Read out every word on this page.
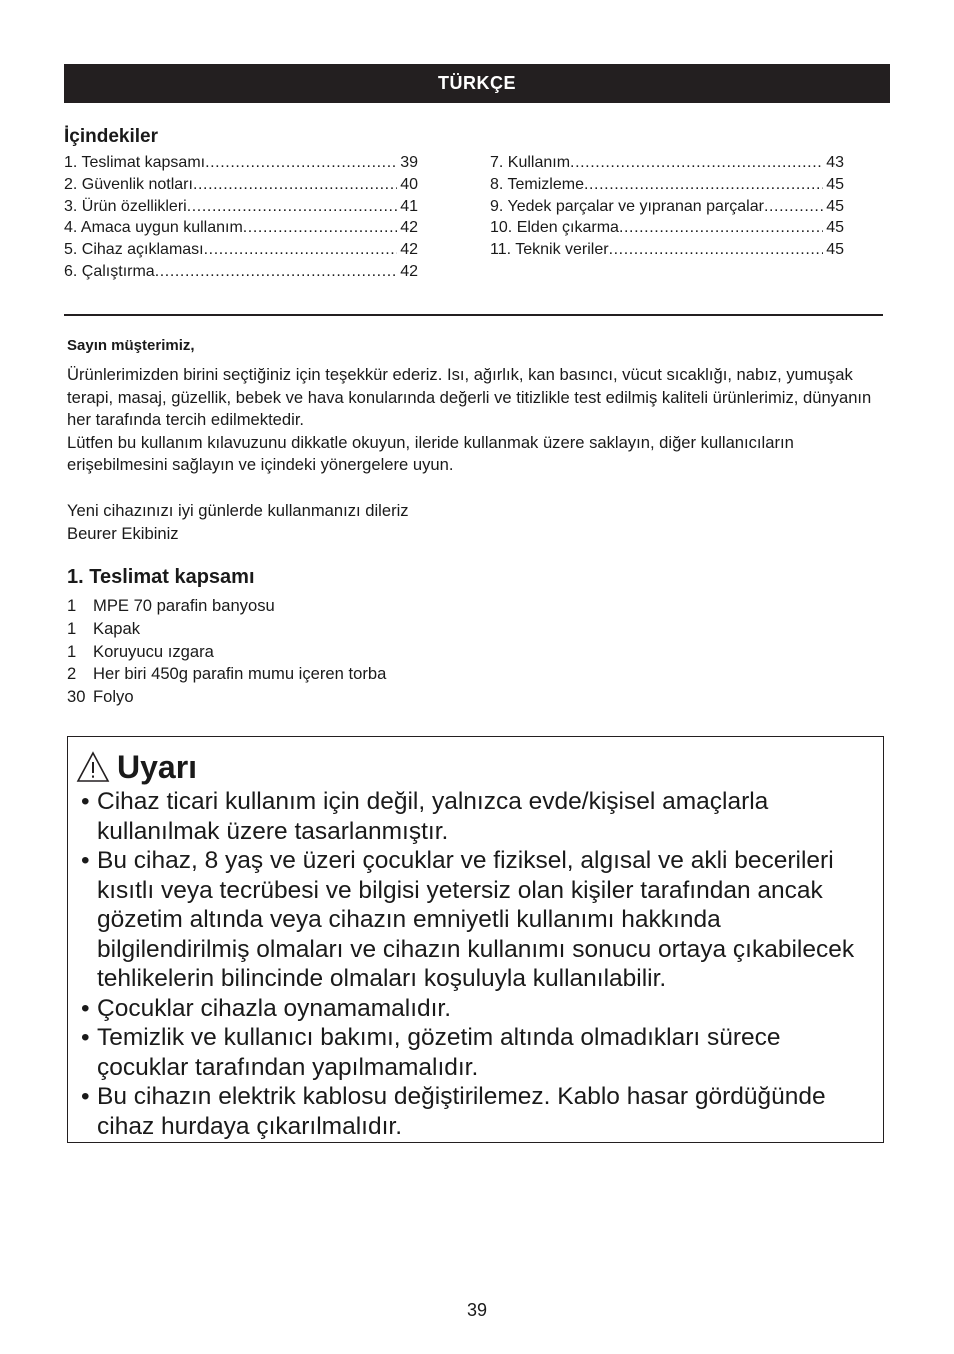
TÜRKÇE
İçindekiler
1. Teslimat kapsamı .....	39
2. Güvenlik notları .....	40
3. Ürün özellikleri .....	41
4. Amaca uygun kullanım .....	42
5. Cihaz açıklaması .....	42
6. Çalıştırma .....	42
7. Kullanım .....	43
8. Temizleme .....	45
9. Yedek parçalar ve yıpranan parçalar .....	45
10. Elden çıkarma .....	45
11. Teknik veriler .....	45
Sayın müşterimiz,

Ürünlerimizden birini seçtiğiniz için teşekkür ederiz. Isı, ağırlık, kan basıncı, vücut sıcaklığı, nabız, yumuşak terapi, masaj, güzellik, bebek ve hava konularında değerli ve titizlikle test edilmiş kaliteli ürünlerimiz, dünyanın her tarafında tercih edilmektedir.

Lütfen bu kullanım kılavuzunu dikkatle okuyun, ileride kullanmak üzere saklayın, diğer kullanıcıların erişebilmesini sağlayın ve içindeki yönergelere uyun.

Yeni cihazınızı iyi günlerde kullanmanızı dileriz

Beurer Ekibiniz

1. Teslimat kapsamı
1	MPE 70 parafin banyosu
1	Kapak
1	Koruyucu ızgara
2	Her biri 450g parafin mumu içeren torba
30 Folyo
Uyarı
• Cihaz ticari kullanım için değil, yalnızca evde/kişisel amaçlarla kullanılmak üzere tasarlanmıştır.
• Bu cihaz, 8 yaş ve üzeri çocuklar ve fiziksel, algısal ve akli becerileri kısıtlı veya tecrübesi ve bilgisi yetersiz olan kişiler tarafından ancak gözetim altında veya cihazın emniyetli kullanımı hakkında bilgilendirilmiş olmaları ve cihazın kullanımı sonucu ortaya çıkabilecek tehlikelerin bilincinde olmaları koşuluyla kullanılabilir.
• Çocuklar cihazla oynamamalıdır.
• Temizlik ve kullanıcı bakımı, gözetim altında olmadıkları sürece çocuklar tarafından yapılmamalıdır.
• Bu cihazın elektrik kablosu değiştirilemez. Kablo hasar gördüğünde cihaz hurdaya çıkarılmalıdır.
39
